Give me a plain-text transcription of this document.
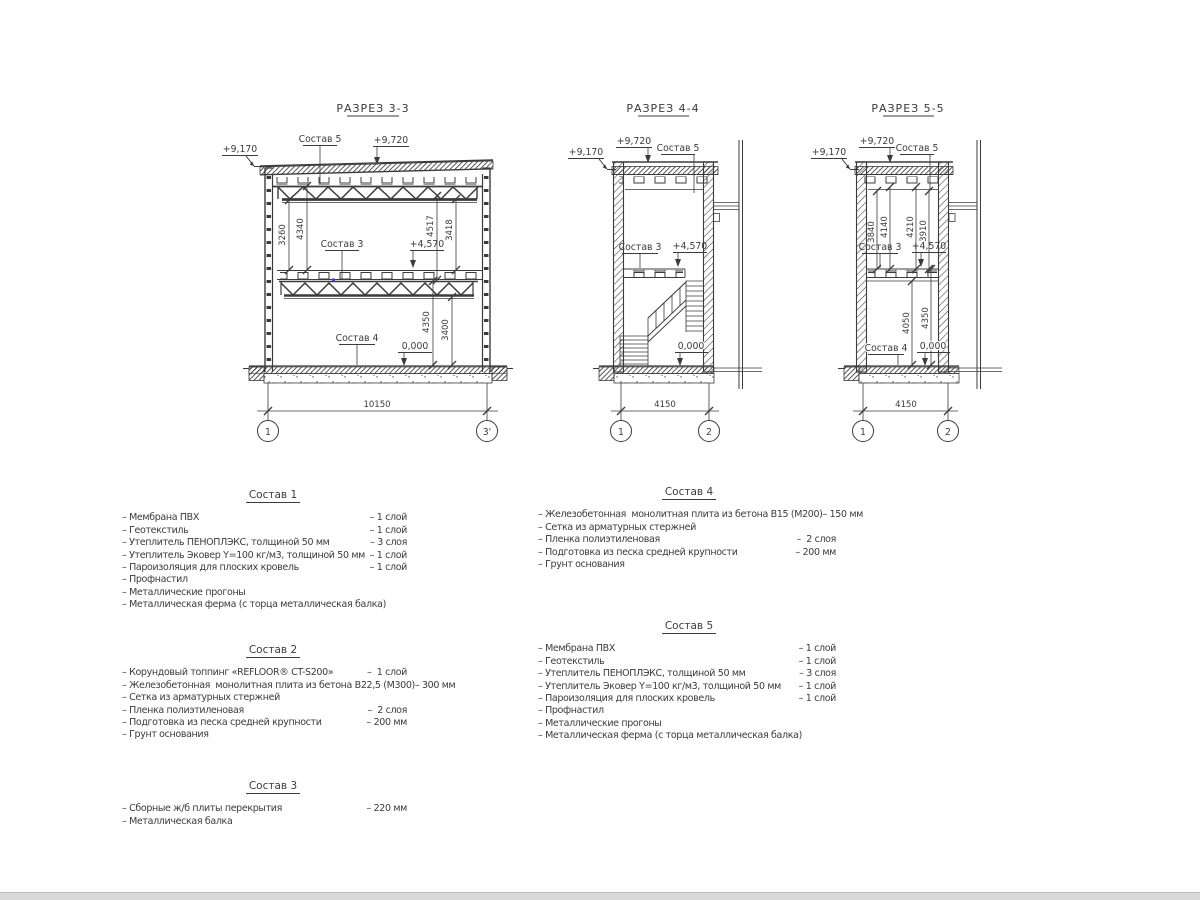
РАЗРЕЗ 3-3
+9,170
Состав 5	+9,720
Состав 3	+4,570
Состав 4
0,000
3260 4340	4517 3418
4350 3400
10150
1	3'
РАЗРЕЗ 4-4
+9,720
Состав 5
+9,170
Состав 3 +4,570
0,000
4150
1	2
РАЗРЕЗ 5-5
+9,720
Состав 5
+9,170
3840 4140 4210 3910
4050 4350
Состав 3 +4,570
Состав 4 0,000
4150
1	2
Состав 1
– Мембрана ПВХ	– 1 слой
– Геотекстиль	– 1 слой
– Утеплитель ПЕНОПЛЭКС, толщиной 50 мм	– 3 слоя
– Утеплитель Эковер Y=100 кг/м3, толщиной 50 мм – 1 слой
– Пароизоляция для плоских кровель	– 1 слой
– Профнастил
– Металлические прогоны
– Металлическая ферма (с торца металлическая балка)
Состав 2
– Корундовый топпинг «REFLOOR® CT-S200»	–  1 слой
– Железобетонная  монолитная плита из бетона В22,5 (М300) – 300 мм
– Сетка из арматурных стержней
– Пленка полиэтиленовая	–  2 слоя
– Подготовка из песка средней крупности	– 200 мм
– Грунт основания
Состав 3
– Сборные ж/б плиты перекрытия	– 220 мм
– Металлическая балка
Состав 4
– Железобетонная  монолитная плита из бетона В15 (М200) – 150 мм
– Сетка из арматурных стержней
– Пленка полиэтиленовая	–  2 слоя
– Подготовка из песка средней крупности	– 200 мм
– Грунт основания
Состав 5
– Мембрана ПВХ	– 1 слой
– Геотекстиль	– 1 слой
– Утеплитель ПЕНОПЛЭКС, толщиной 50 мм	– 3 слоя
– Утеплитель Эковер Y=100 кг/м3, толщиной 50 мм – 1 слой
– Пароизоляция для плоских кровель	– 1 слой
– Профнастил
– Металлические прогоны
– Металлическая ферма (с торца металлическая балка)
